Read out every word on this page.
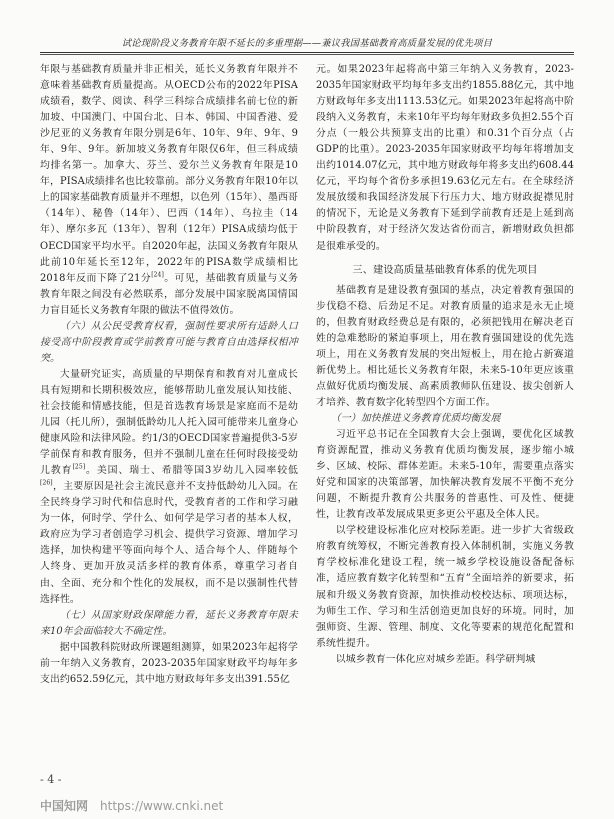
试论现阶段义务教育年限不延长的多重理据——兼议我国基础教育高质量发展的优先项目

年限与基础教育质量并非正相关，延长义务教育年限并不意味着基础教育质量提高。从OECD公布的2022年PISA成绩看，数学、阅读、科学三科综合成绩排名前七位的新加坡、中国澳门、中国台北、日本、韩国、中国香港、爱沙尼亚的义务教育年限分别是6年、10年、9年、9年、9年、9年、9年。新加坡义务教育年限仅6年，但三科成绩均排名第一。加拿大、芬兰、爱尔兰义务教育年限是10年，PISA成绩排名也比较靠前。部分义务教育年限10年以上的国家基础教育质量并不理想，以色列（15年）、墨西哥（14年）、秘鲁（14年）、巴西（14年）、乌拉圭（14年）、摩尔多瓦（13年）、智利（12年）PISA成绩均低于OECD国家平均水平。自2020年起，法国义务教育年限从此前10年延长至12年，2022年的PISA数学成绩相比2018年反而下降了21分[24]。可见，基础教育质量与义务教育年限之间没有必然联系，部分发展中国家脱离国情国力盲目延长义务教育年限的做法不值得效仿。

（六）从公民受教育权看，强制性要求所有适龄人口接受高中阶段教育或学前教育可能与教育自由选择权相冲突。

大量研究证实，高质量的早期保育和教育对儿童成长具有短期和长期积极效应，能够帮助儿童发展认知技能、社会技能和情感技能，但是首选教育场景是家庭而不是幼儿园（托儿所），强制低龄幼儿人托入园可能带来儿童身心健康风险和法律风险。约1/3的OECD国家普遍提供3-5岁学前保育和教育服务，但并不强制儿童在任何时段接受幼儿教育[25]。美国、瑞士、希腊等国3岁幼儿入园率较低[26]，主要原因是社会主流民意并不支持低龄幼儿入园。在全民终身学习时代和信息时代，受教育者的工作和学习融为一体，何时学、学什么、如何学是学习者的基本人权，政府应为学习者创造学习机会、提供学习资源、增加学习选择，加快构建平等面向每个人、适合每个人、伴随每个人终身、更加开放灵活多样的教育体系，尊重学习者自由、全面、充分和个性化的发展权，而不是以强制性代替选择性。

（七）从国家财政保障能力看，延长义务教育年限未来10年会面临较大不确定性。

据中国教科院财政所课题组测算，如果2023年起将学前一年纳入义务教育，2023-2035年国家财政平均每年多支出约652.59亿元，其中地方财政每年多支出391.55亿

元。如果2023年起将高中第三年纳入义务教育，2023-2035年国家财政平均每年多支出约1855.88亿元，其中地方财政每年多支出1113.53亿元。如果2023年起将高中阶段纳入义务教育，未来10年平均每年财政多负担2.55个百分点（一般公共预算支出的比重）和0.31个百分点（占GDP的比重）。2023-2035年国家财政平均每年将增加支出约1014.07亿元，其中地方财政每年将多支出约608.44亿元，平均每个省份多承担19.63亿元左右。在全球经济发展放缓和我国经济发展下行压力大、地方财政捉襟见肘的情况下，无论是义务教育下延到学前教育还是上延到高中阶段教育，对于经济欠发达省份而言，新增财政负担都是很难承受的。

三、建设高质量基础教育体系的优先项目

基础教育是建设教育强国的基点，决定着教育强国的步伐稳不稳、后劲足不足。对教育质量的追求是永无止境的，但教育财政经费总是有限的，必须把钱用在解决老百姓的急难愁盼的紧迫事项上，用在教育强国建设的优先选项上，用在义务教育发展的突出短板上，用在抢占新赛道新优势上。相比延长义务教育年限，未来5-10年更应该重点做好优质均衡发展、高素质教师队伍建设、拔尖创新人才培养、教育数字化转型四个方面工作。

（一）加快推进义务教育优质均衡发展

习近平总书记在全国教育大会上强调，要优化区域教育资源配置，推动义务教育优质均衡发展，逐步缩小城乡、区域、校际、群体差距。未来5-10年，需要重点落实好党和国家的决策部署，加快解决教育发展不平衡不充分问题，不断提升教育公共服务的普惠性、可及性、便捷性，让教育改革发展成果更多更公平惠及全体人民。

以学校建设标准化应对校际差距。进一步扩大省级政府教育统筹权，不断完善教育投入体制机制，实施义务教育学校标准化建设工程，统一城乡学校设施设备配备标准，适应教育数字化转型和“五育”全面培养的新要求，拓展和升级义务教育资源，加快推动校校达标、项项达标，为师生工作、学习和生活创造更加良好的环境。同时，加强师资、生源、管理、制度、文化等要素的规范化配置和系统性提升。

以城乡教育一体化应对城乡差距。科学研判城

- 4 -
中国知网 https://www.cnki.net
